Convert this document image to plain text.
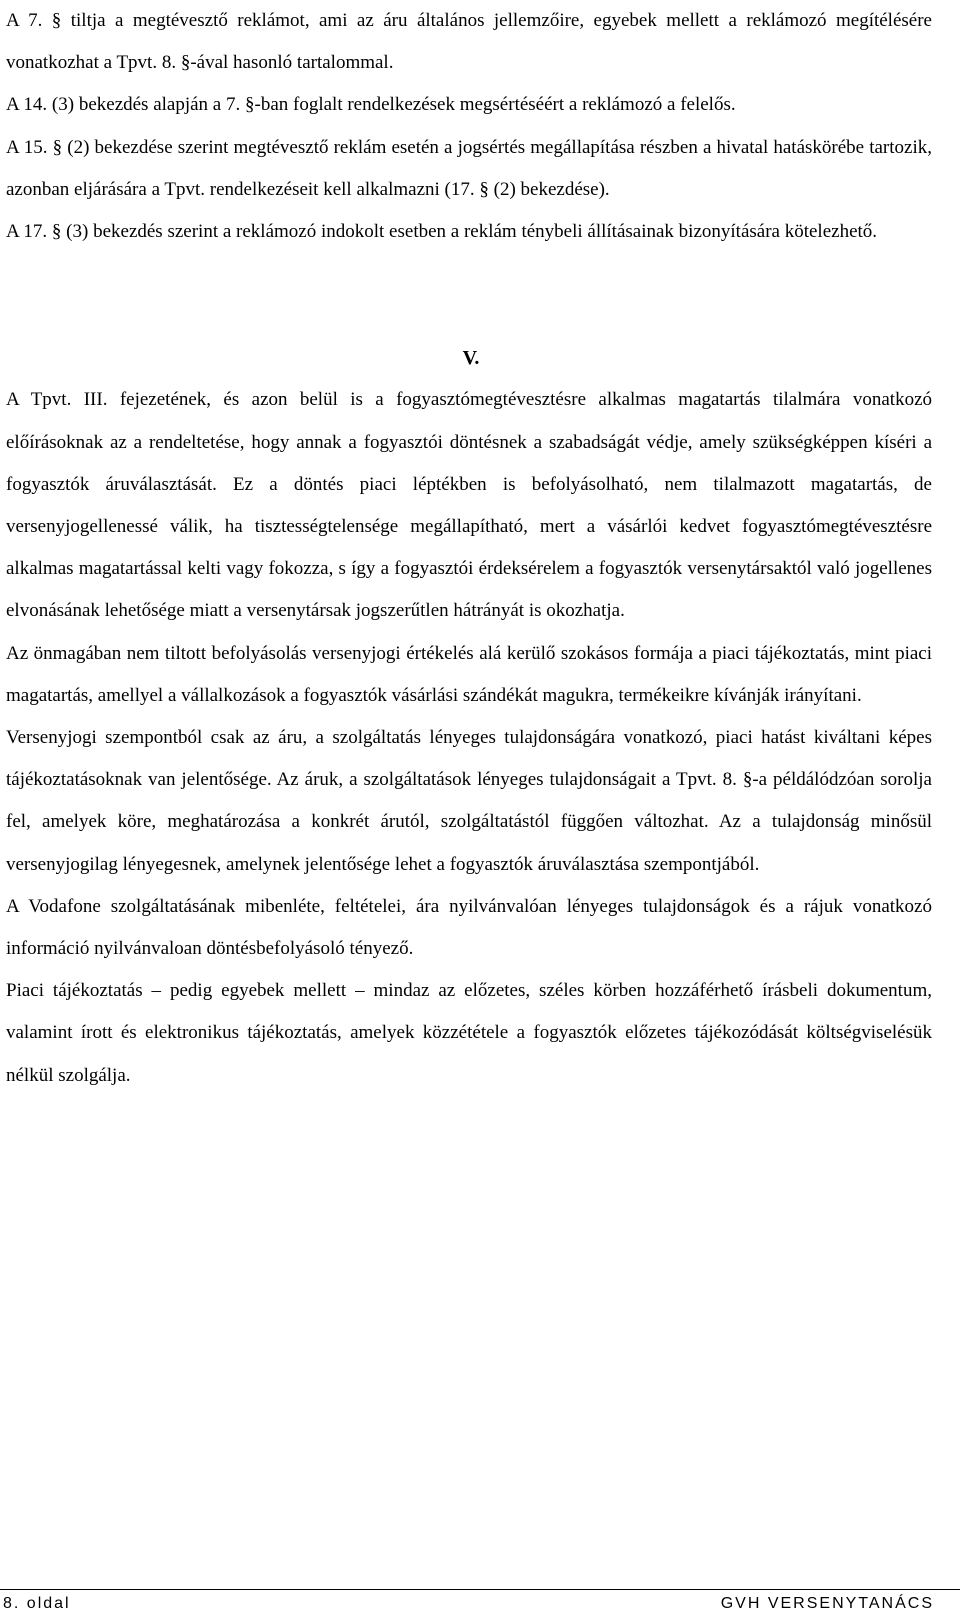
A 7. § tiltja a megtévesztő reklámot, ami az áru általános jellemzőire, egyebek mellett a reklámozó megítélésére vonatkozhat a Tpvt. 8. §-ával hasonló tartalommal.

A 14. (3) bekezdés alapján a 7. §-ban foglalt rendelkezések megsértéséért a reklámozó a felelős.

A 15. § (2) bekezdése szerint megtévesztő reklám esetén a jogsértés megállapítása részben a hivatal hatáskörébe tartozik, azonban eljárására a Tpvt. rendelkezéseit kell alkalmazni (17. § (2) bekezdése).

A 17. § (3) bekezdés szerint a reklámozó indokolt esetben a reklám ténybeli állításainak bizonyítására kötelezhető.

V.

A Tpvt. III. fejezetének, és azon belül is a fogyasztómegtévesztésre alkalmas magatartás tilalmára vonatkozó előírásoknak az a rendeltetése, hogy annak a fogyasztói döntésnek a szabadságát védje, amely szükségképpen kíséri a fogyasztók áruválasztását. Ez a döntés piaci léptékben is befolyásolható, nem tilalmazott magatartás, de versenyjogellenessé válik, ha tisztességtelensége megállapítható, mert a vásárlói kedvet fogyasztómegtévesztésre alkalmas magatartással kelti vagy fokozza, s így a fogyasztói érdeksérelem a fogyasztók versenytársaktól való jogellenes elvonásának lehetősége miatt a versenytársak jogszerűtlen hátrányát is okozhatja.

Az önmagában nem tiltott befolyásolás versenyjogi értékelés alá kerülő szokásos formája a piaci tájékoztatás, mint piaci magatartás, amellyel a vállalkozások a fogyasztók vásárlási szándékát magukra, termékeikre kívánják irányítani.

Versenyjogi szempontból csak az áru, a szolgáltatás lényeges tulajdonságára vonatkozó, piaci hatást kiváltani képes tájékoztatásoknak van jelentősége. Az áruk, a szolgáltatások lényeges tulajdonságait a Tpvt. 8. §-a példálódzóan sorolja fel, amelyek köre, meghatározása a konkrét árutól, szolgáltatástól függően változhat. Az a tulajdonság minősül versenyjogilag lényegesnek, amelynek jelentősége lehet a fogyasztók áruválasztása szempontjából.

A Vodafone szolgáltatásának mibenléte, feltételei, ára nyilvánvalóan lényeges tulajdonságok és a rájuk vonatkozó információ nyilvánvaloan döntésbefolyásoló tényező.

Piaci tájékoztatás – pedig egyebek mellett – mindaz az előzetes, széles körben hozzáférhető írásbeli dokumentum, valamint írott és elektronikus tájékoztatás, amelyek közzététele a fogyasztók előzetes tájékozódását költségviselésük nélkül szolgálja.

8. oldal	GVH VERSENYTANÁCS
